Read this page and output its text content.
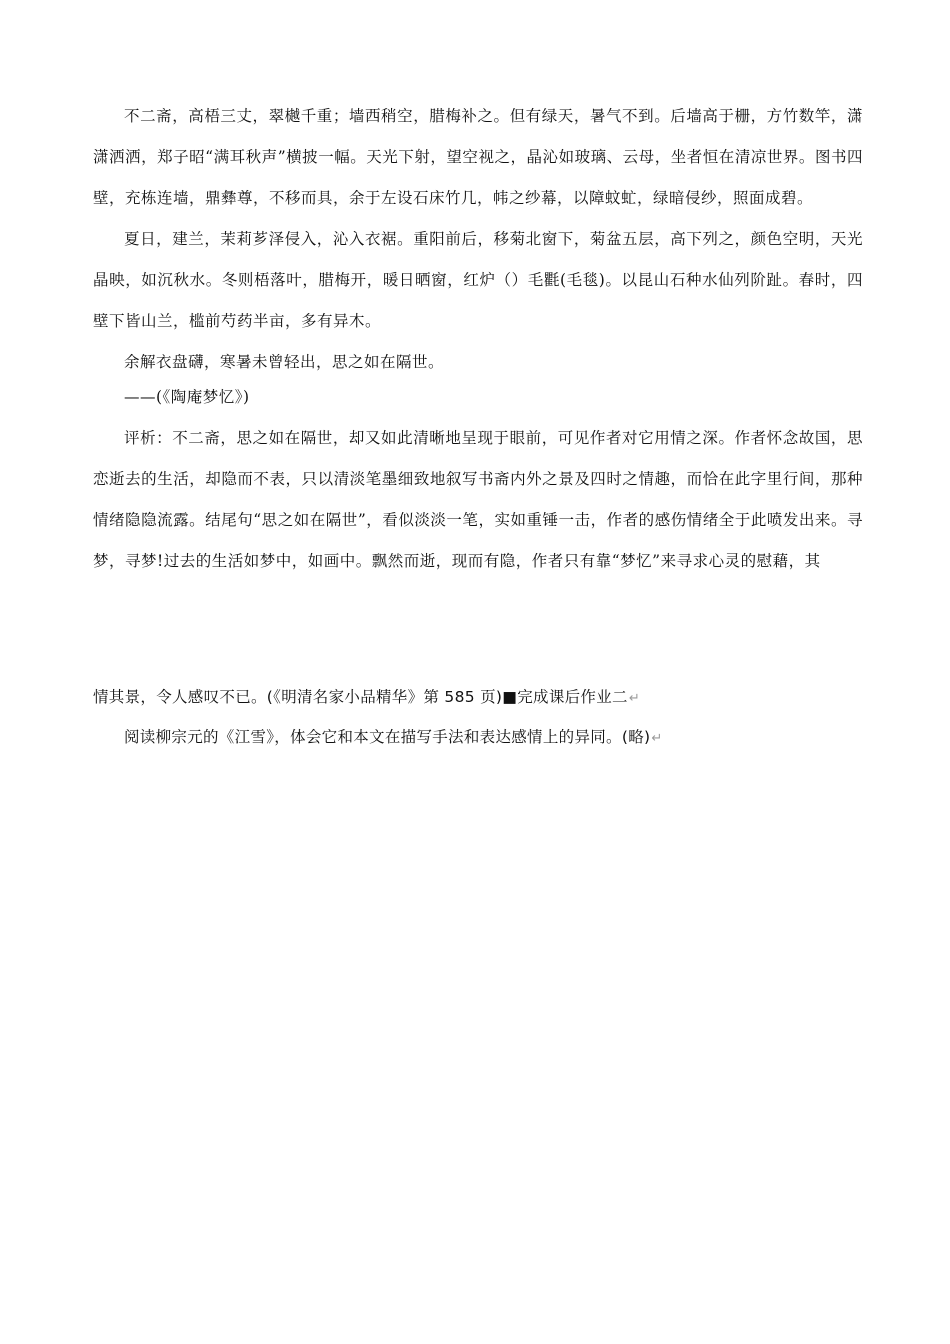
不二斋，高梧三丈，翠樾千重；墙西稍空，腊梅补之。但有绿天，暑气不到。后墙高于栅，方竹数竿，潇潇洒洒，郑子昭“满耳秋声”横披一幅。天光下射，望空视之，晶沁如玻璃、云母，坐者恒在清凉世界。图书四壁，充栋连墙，鼎彝尊，不移而具，余于左设石床竹几，帏之纱幕，以障蚊虻，绿暗侵纱，照面成碧。

夏日，建兰，茉莉芗泽侵入，沁入衣裾。重阳前后，移菊北窗下，菊盆五层，高下列之，颜色空明，天光晶映，如沉秋水。冬则梧落叶，腊梅开，暖日晒窗，红炉（）毛氍(毛毯)。以昆山石种水仙列阶趾。春时，四壁下皆山兰，槛前芍药半亩，多有异木。

余解衣盘礴，寒暑未曾轻出，思之如在隔世。

——(《陶庵梦忆》)

评析：不二斋，思之如在隔世，却又如此清晰地呈现于眼前，可见作者对它用情之深。作者怀念故国，思恋逝去的生活，却隐而不表，只以清淡笔墨细致地叙写书斋内外之景及四时之情趣，而恰在此字里行间，那种情绪隐隐流露。结尾句“思之如在隔世”，看似淡淡一笔，实如重锤一击，作者的感伤情绪全于此喷发出来。寻梦，寻梦!过去的生活如梦中，如画中。飘然而逝，现而有隐，作者只有靠“梦忆”来寻求心灵的慰藉，其

情其景，令人感叹不已。(《明清名家小品精华》第 585 页)■完成课后作业二↵
阅读柳宗元的《江雪》，体会它和本文在描写手法和表达感情上的异同。(略)↵
